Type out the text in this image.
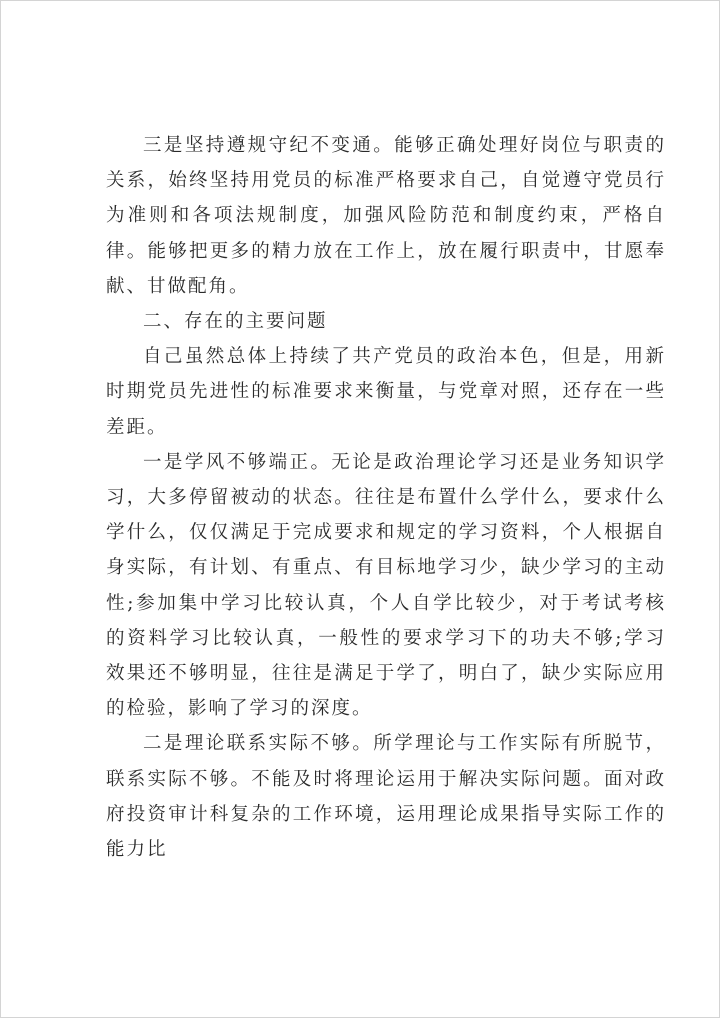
三是坚持遵规守纪不变通。能够正确处理好岗位与职责的关系，始终坚持用党员的标准严格要求自己，自觉遵守党员行为准则和各项法规制度，加强风险防范和制度约束，严格自律。能够把更多的精力放在工作上，放在履行职责中，甘愿奉献、甘做配角。

二、存在的主要问题

自己虽然总体上持续了共产党员的政治本色，但是，用新时期党员先进性的标准要求来衡量，与党章对照，还存在一些差距。

一是学风不够端正。无论是政治理论学习还是业务知识学习，大多停留被动的状态。往往是布置什么学什么，要求什么学什么，仅仅满足于完成要求和规定的学习资料，个人根据自身实际，有计划、有重点、有目标地学习少，缺少学习的主动性;参加集中学习比较认真，个人自学比较少，对于考试考核的资料学习比较认真，一般性的要求学习下的功夫不够;学习效果还不够明显，往往是满足于学了，明白了，缺少实际应用的检验，影响了学习的深度。

二是理论联系实际不够。所学理论与工作实际有所脱节，联系实际不够。不能及时将理论运用于解决实际问题。面对政府投资审计科复杂的工作环境，运用理论成果指导实际工作的能力比
